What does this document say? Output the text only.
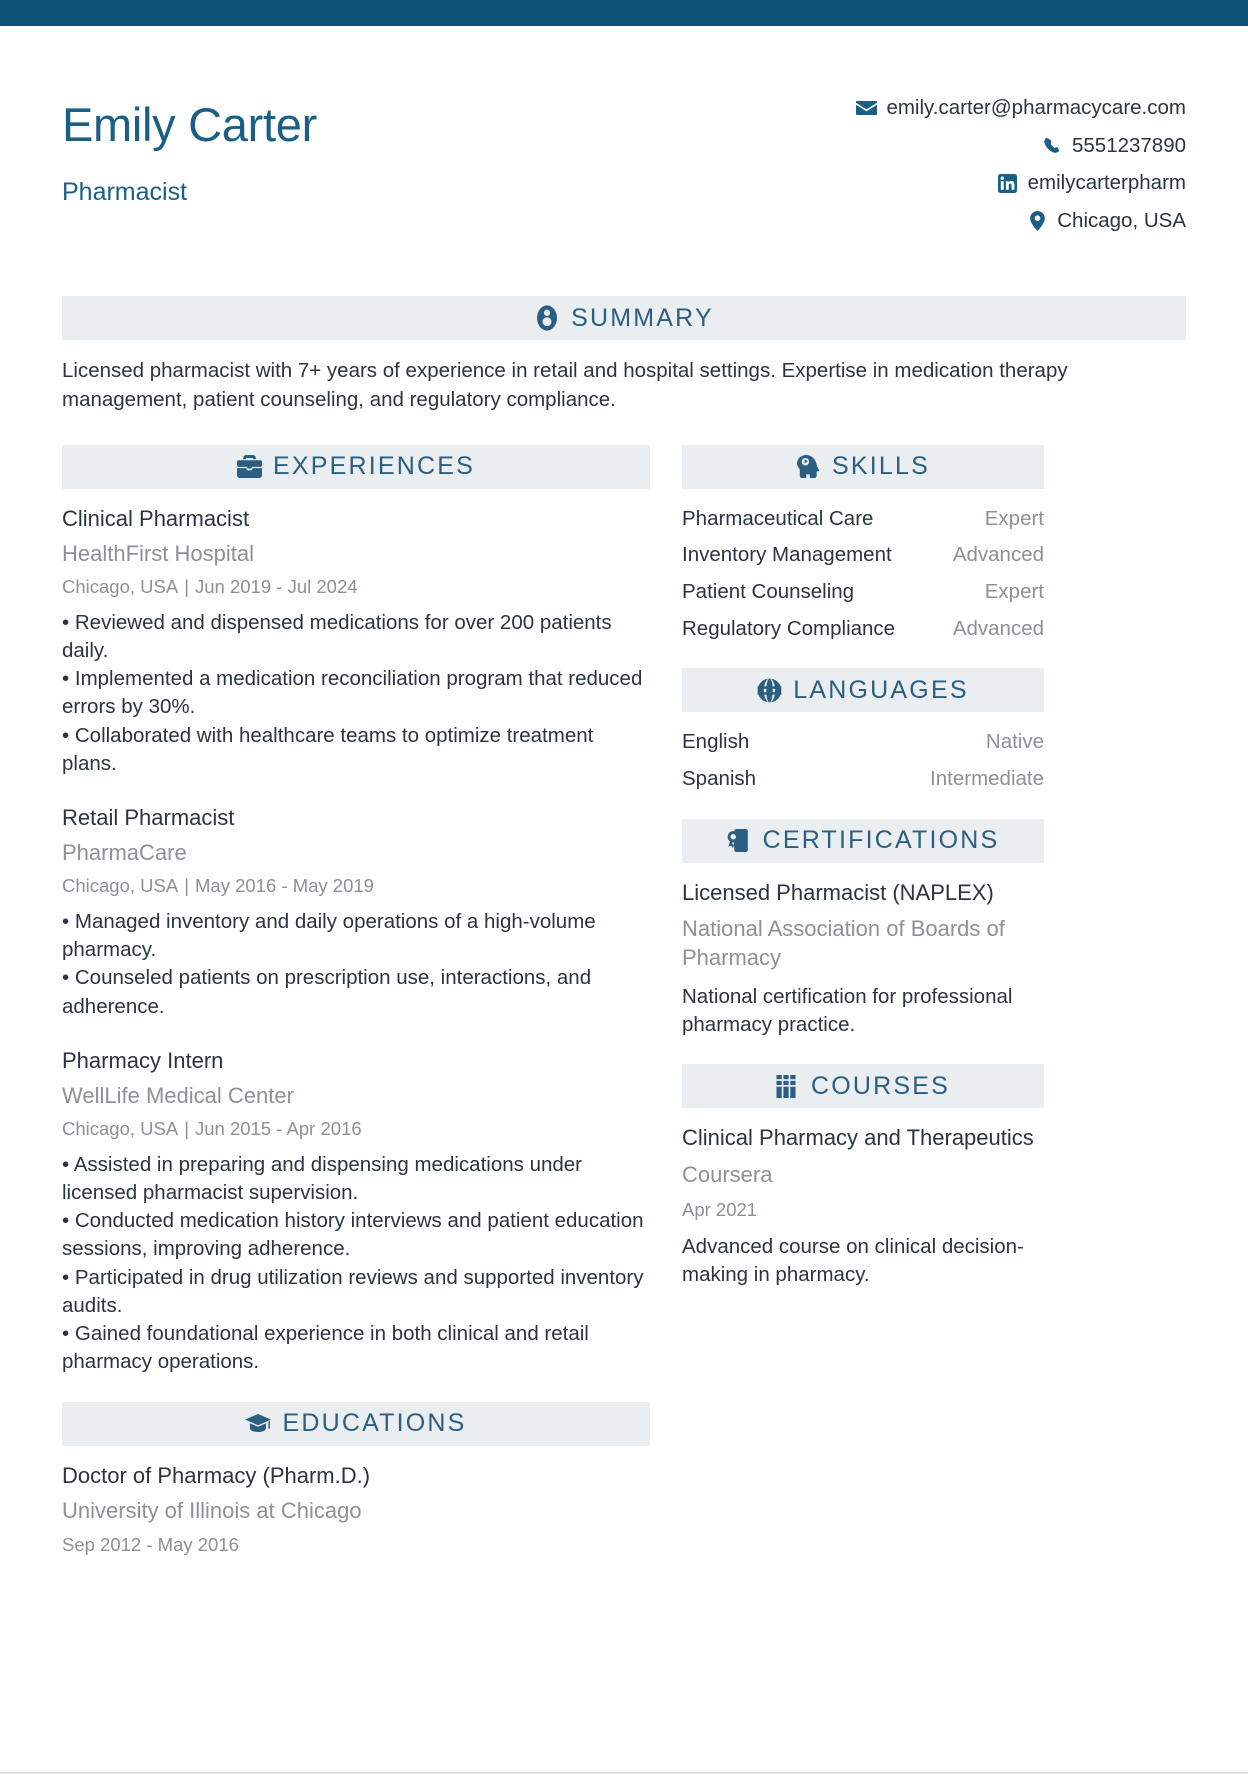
Emily Carter
Pharmacist
emily.carter@pharmacycare.com
5551237890
emilycarterpharm
Chicago, USA
SUMMARY
Licensed pharmacist with 7+ years of experience in retail and hospital settings. Expertise in medication therapy management, patient counseling, and regulatory compliance.
EXPERIENCES
Clinical Pharmacist
HealthFirst Hospital
Chicago, USA | Jun 2019 - Jul 2024
• Reviewed and dispensed medications for over 200 patients daily.
• Implemented a medication reconciliation program that reduced errors by 30%.
• Collaborated with healthcare teams to optimize treatment plans.
Retail Pharmacist
PharmaCare
Chicago, USA | May 2016 - May 2019
• Managed inventory and daily operations of a high-volume pharmacy.
• Counseled patients on prescription use, interactions, and adherence.
Pharmacy Intern
WellLife Medical Center
Chicago, USA | Jun 2015 - Apr 2016
• Assisted in preparing and dispensing medications under licensed pharmacist supervision.
• Conducted medication history interviews and patient education sessions, improving adherence.
• Participated in drug utilization reviews and supported inventory audits.
• Gained foundational experience in both clinical and retail pharmacy operations.
EDUCATIONS
Doctor of Pharmacy (Pharm.D.)
University of Illinois at Chicago
Sep 2012 - May 2016
SKILLS
Pharmaceutical Care	Expert
Inventory Management	Advanced
Patient Counseling	Expert
Regulatory Compliance	Advanced
LANGUAGES
English	Native
Spanish	Intermediate
CERTIFICATIONS
Licensed Pharmacist (NAPLEX)
National Association of Boards of Pharmacy
National certification for professional pharmacy practice.
COURSES
Clinical Pharmacy and Therapeutics
Coursera
Apr 2021
Advanced course on clinical decision-making in pharmacy.
